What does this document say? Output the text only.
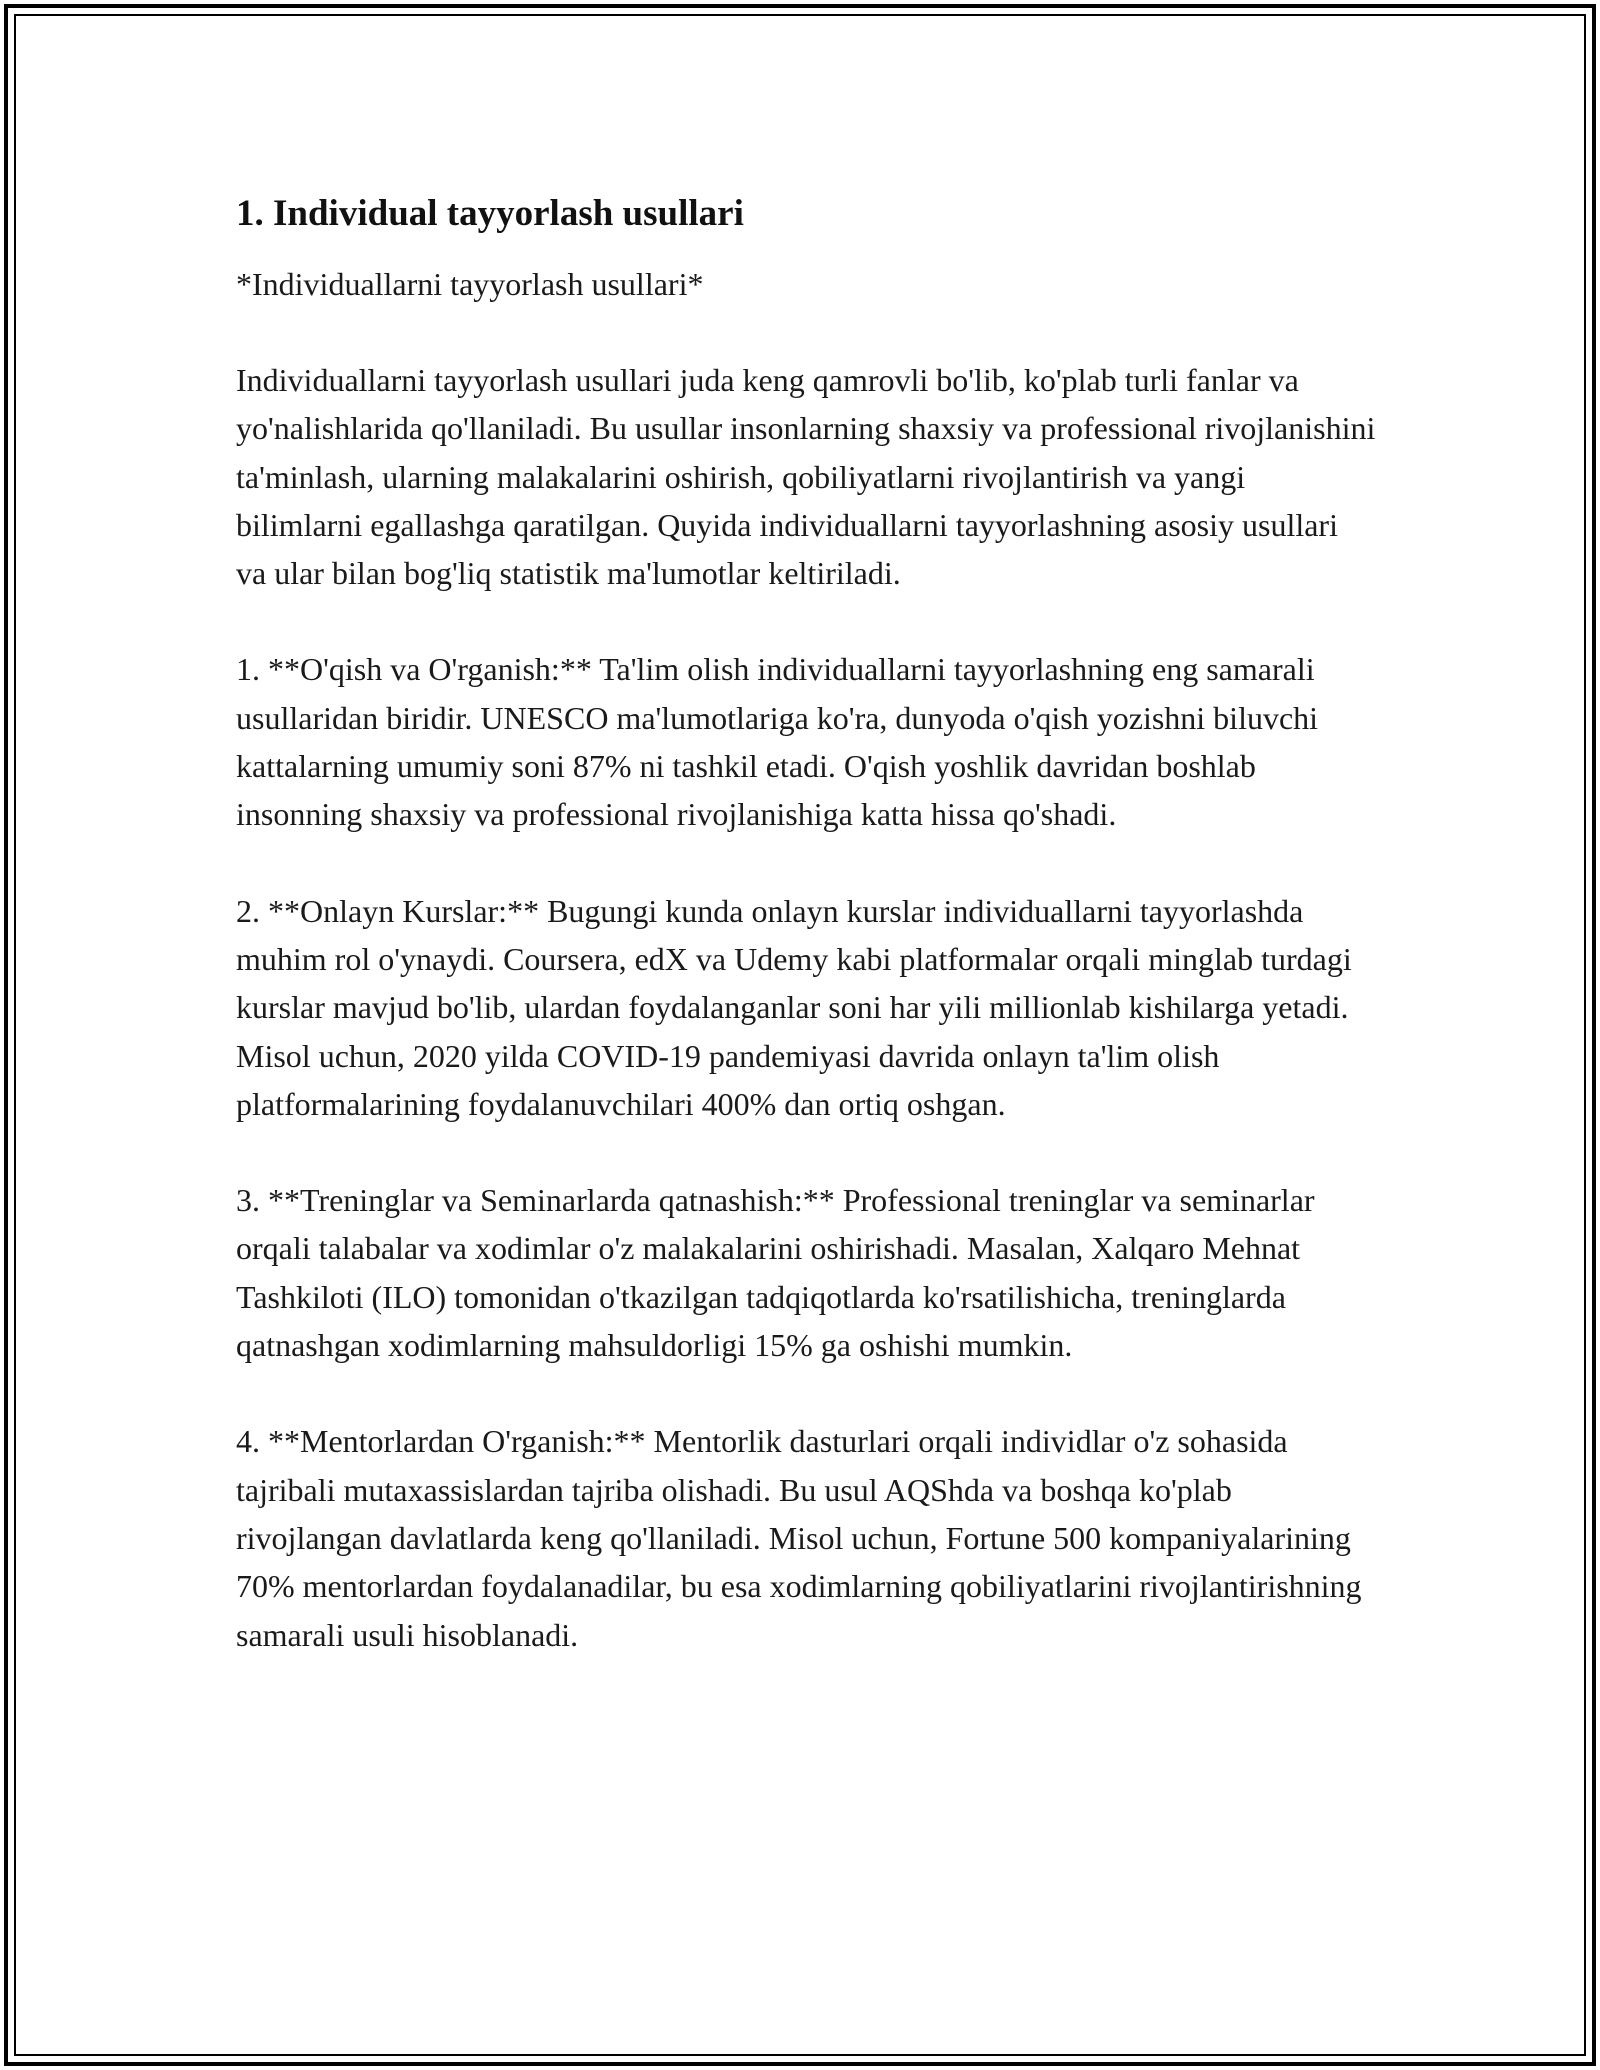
1. Individual tayyorlash usullari

*Individuallarni tayyorlash usullari*

Individuallarni tayyorlash usullari juda keng qamrovli bo'lib, ko'plab turli fanlar va yo'nalishlarida qo'llaniladi. Bu usullar insonlarning shaxsiy va professional rivojlanishini ta'minlash, ularning malakalarini oshirish, qobiliyatlarni rivojlantirish va yangi bilimlarni egallashga qaratilgan. Quyida individuallarni tayyorlashning asosiy usullari va ular bilan bog'liq statistik ma'lumotlar keltiriladi.

1. **O'qish va O'rganish:** Ta'lim olish individuallarni tayyorlashning eng samarali usullaridan biridir. UNESCO ma'lumotlariga ko'ra, dunyoda o'qish yozishni biluvchi kattalarning umumiy soni 87% ni tashkil etadi. O'qish yoshlik davridan boshlab insonning shaxsiy va professional rivojlanishiga katta hissa qo'shadi.

2. **Onlayn Kurslar:** Bugungi kunda onlayn kurslar individuallarni tayyorlashda muhim rol o'ynaydi. Coursera, edX va Udemy kabi platformalar orqali minglab turdagi kurslar mavjud bo'lib, ulardan foydalanganlar soni har yili millionlab kishilarga yetadi. Misol uchun, 2020 yilda COVID-19 pandemiyasi davrida onlayn ta'lim olish platformalarining foydalanuvchilari 400% dan ortiq oshgan.

3. **Treninglar va Seminarlarda qatnashish:** Professional treninglar va seminarlar orqali talabalar va xodimlar o'z malakalarini oshirishadi. Masalan, Xalqaro Mehnat Tashkiloti (ILO) tomonidan o'tkazilgan tadqiqotlarda ko'rsatilishicha, treninglarda qatnashgan xodimlarning mahsuldorligi 15% ga oshishi mumkin.

4. **Mentorlardan O'rganish:** Mentorlik dasturlari orqali individlar o'z sohasida tajribali mutaxassislardan tajriba olishadi. Bu usul AQShda va boshqa ko'plab rivojlangan davlatlarda keng qo'llaniladi. Misol uchun, Fortune 500 kompaniyalarining 70% mentorlardan foydalanadilar, bu esa xodimlarning qobiliyatlarini rivojlantirishning samarali usuli hisoblanadi.
